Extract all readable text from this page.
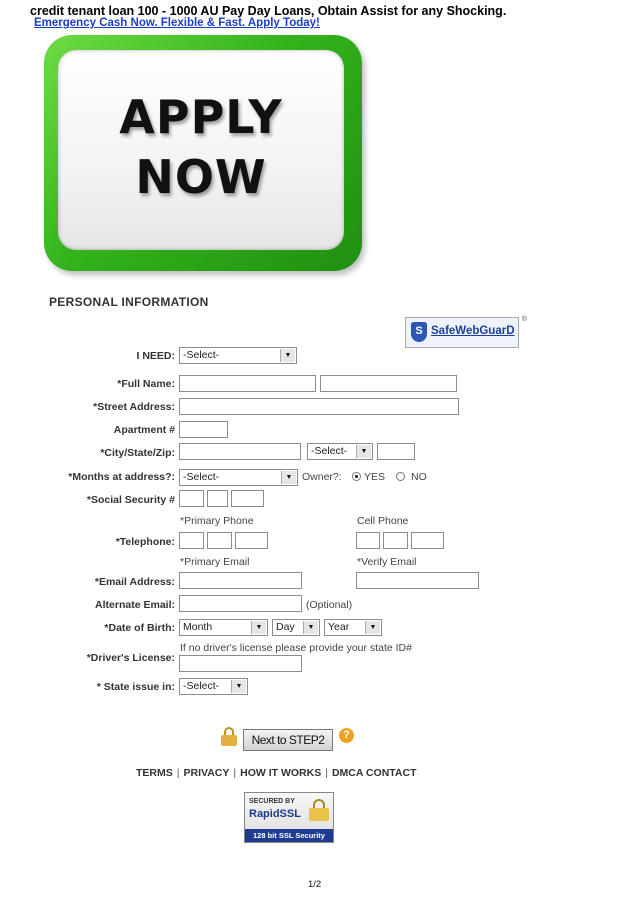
credit tenant loan 100 - 1000 AU Pay Day Loans, Obtain Assist for any Shocking.
Emergency Cash Now. Flexible & Fast. Apply Today!
APPLY
NOW
PERSONAL INFORMATION
S SafeWebGuarD
®
I NEED: -Select-	▼
*Full Name:
*Street Address:
Apartment #
*City/State/Zip:	-Select-	▼
*Months at address?: -Select-	▼ Owner?: YES NO
*Social Security #
*Primary Phone	Cell Phone
*Telephone:
*Primary Email	*Verify Email
*Email Address:
Alternate Email:	(Optional)
*Date of Birth: Month	▼	Day	▼	Year	▼
If no driver's license please provide your state ID#
*Driver's License:
* State issue in: -Select-	▼
Next to STEP2	?
TERMS | PRIVACY | HOW IT WORKS | DMCA CONTACT
SECURED BY
RapidSSL
128 bit SSL Security
1/2
